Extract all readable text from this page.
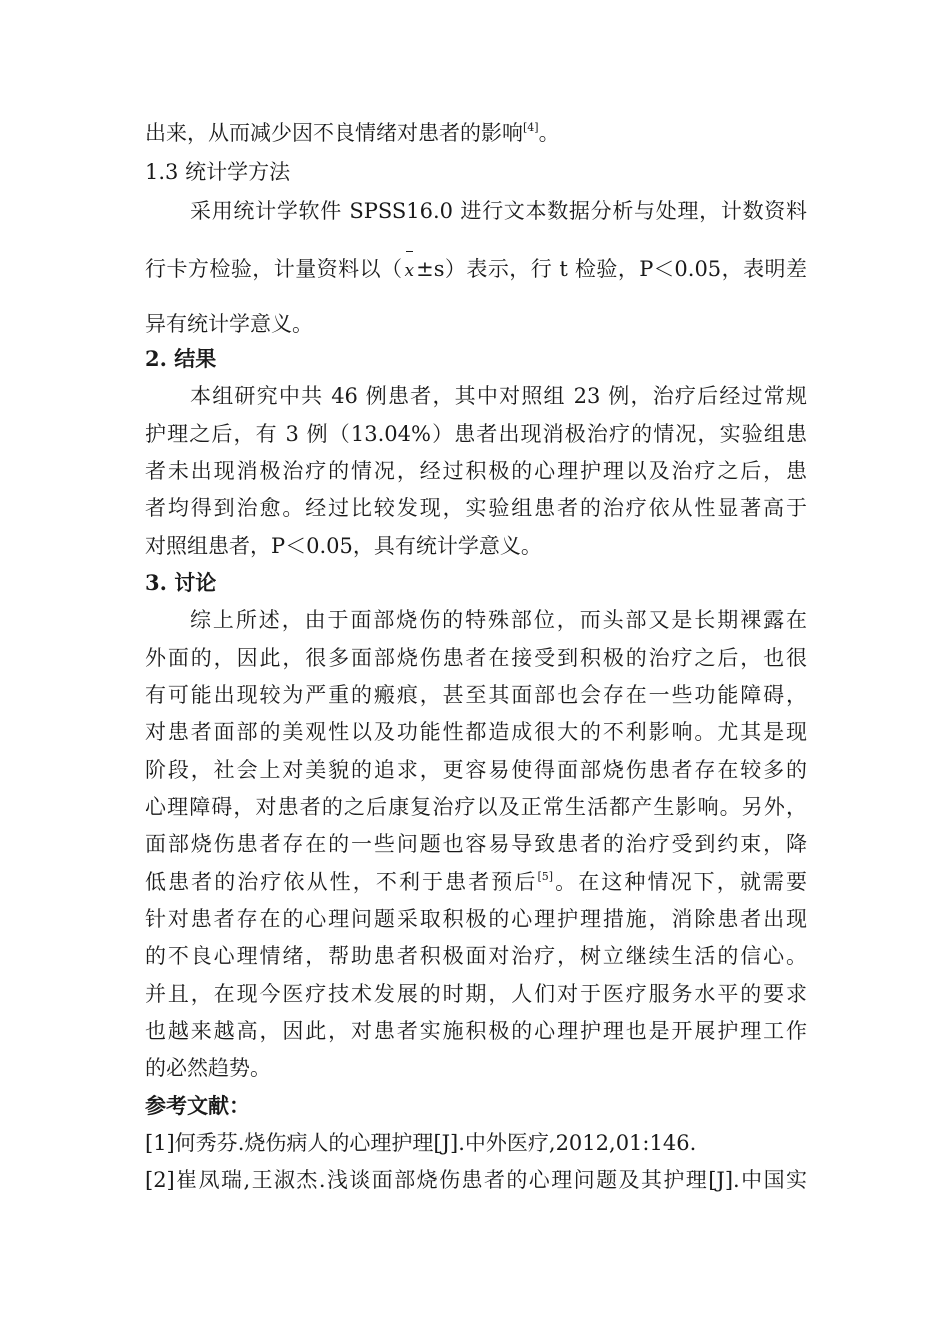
出来，从而减少因不良情绪对患者的影响[4]。
1.3 统计学方法
采用统计学软件 SPSS16.0 进行文本数据分析与处理，计数资料
行卡方检验，计量资料以（ x±s）表示，行 t 检验，P＜0.05，表明差
异有统计学意义。
2. 结果
本组研究中共 46 例患者，其中对照组 23 例，治疗后经过常规
护理之后，有 3 例（13.04%）患者出现消极治疗的情况，实验组患
者未出现消极治疗的情况，经过积极的心理护理以及治疗之后，患
者均得到治愈。经过比较发现，实验组患者的治疗依从性显著高于
对照组患者，P＜0.05，具有统计学意义。
3. 讨论
综上所述，由于面部烧伤的特殊部位，而头部又是长期裸露在
外面的，因此，很多面部烧伤患者在接受到积极的治疗之后，也很
有可能出现较为严重的瘢痕，甚至其面部也会存在一些功能障碍，
对患者面部的美观性以及功能性都造成很大的不利影响。尤其是现
阶段，社会上对美貌的追求，更容易使得面部烧伤患者存在较多的
心理障碍，对患者的之后康复治疗以及正常生活都产生影响。另外，
面部烧伤患者存在的一些问题也容易导致患者的治疗受到约束，降
低患者的治疗依从性，不利于患者预后[5]。在这种情况下，就需要
针对患者存在的心理问题采取积极的心理护理措施，消除患者出现
的不良心理情绪，帮助患者积极面对治疗，树立继续生活的信心。
并且，在现今医疗技术发展的时期，人们对于医疗服务水平的要求
也越来越高，因此，对患者实施积极的心理护理也是开展护理工作
的必然趋势。
参考文献：
[1]何秀芬.烧伤病人的心理护理[J].中外医疗,2012,01:146.
[2]崔凤瑞,王淑杰.浅谈面部烧伤患者的心理问题及其护理[J].中国实
